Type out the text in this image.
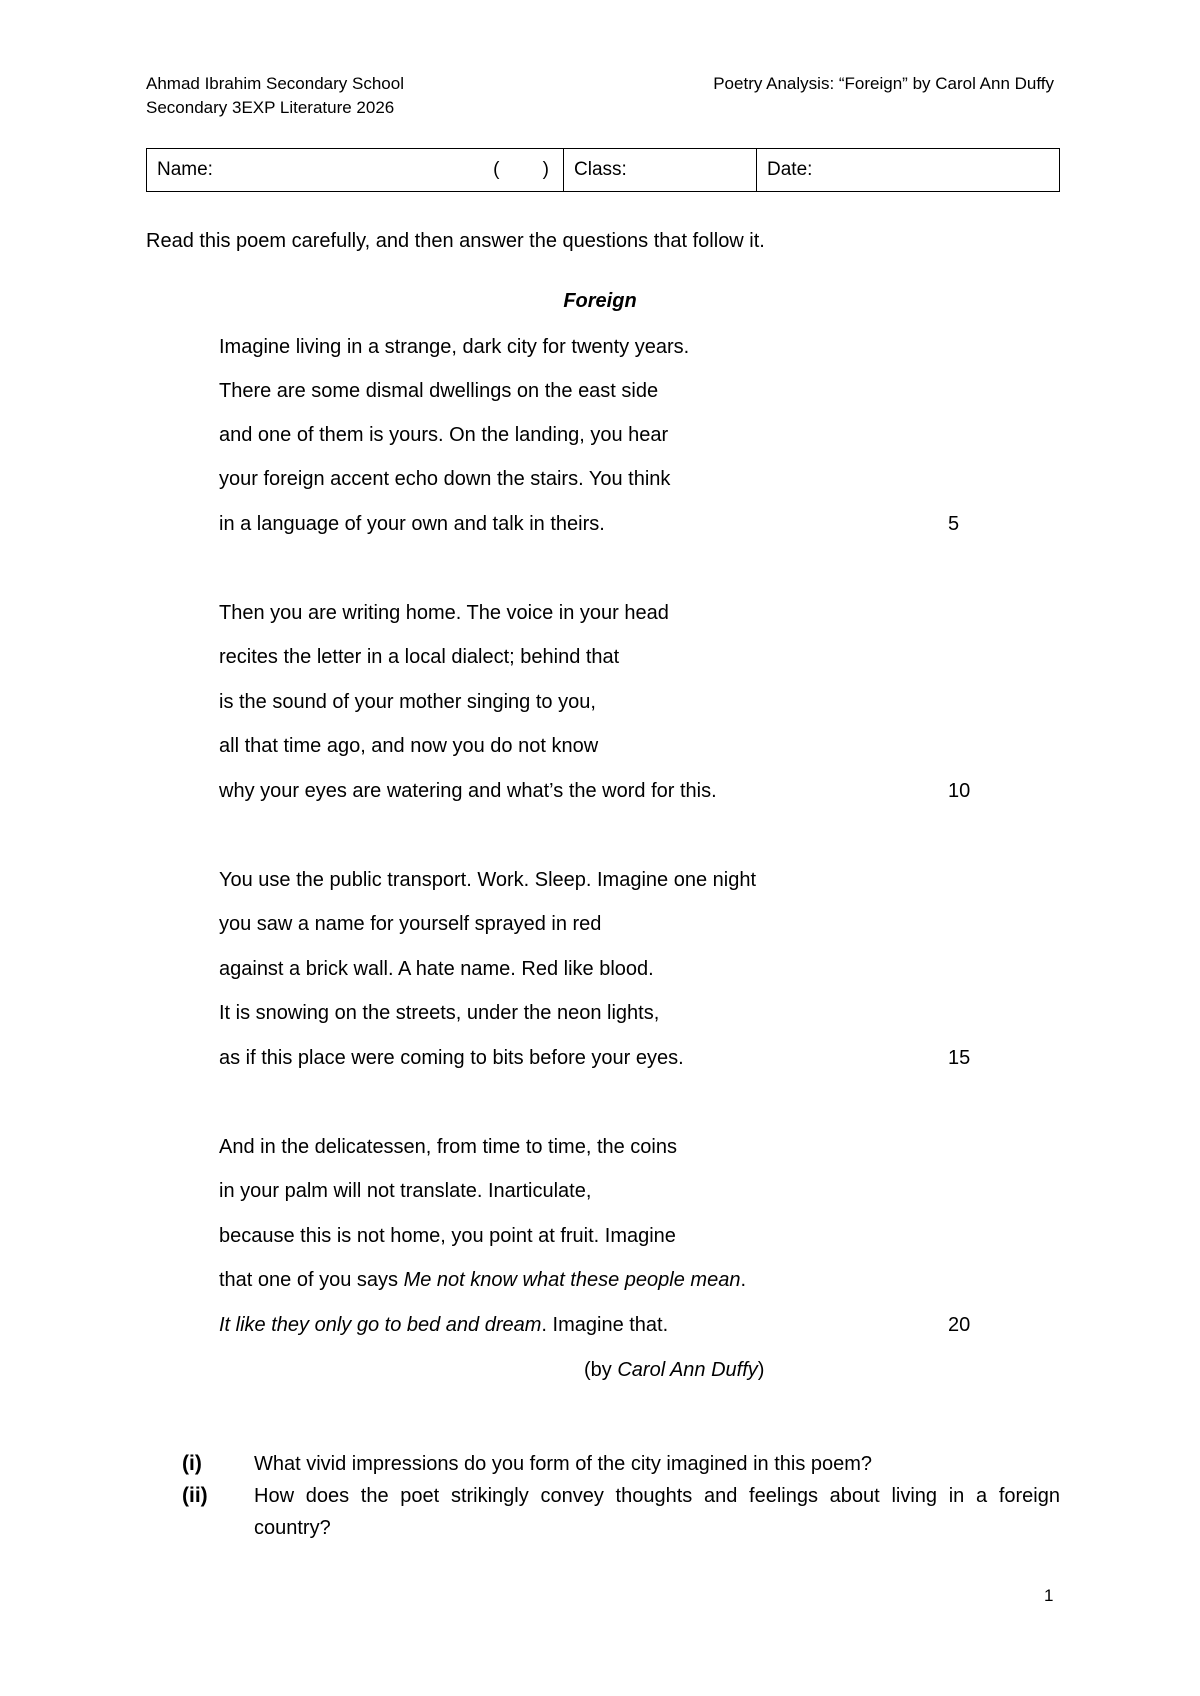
Ahmad Ibrahim Secondary School
Secondary 3EXP Literature 2026
Poetry Analysis: “Foreign” by Carol Ann Duffy
Name:	( )	Class:	Date:
Read this poem carefully, and then answer the questions that follow it.
Foreign
Imagine living in a strange, dark city for twenty years.
There are some dismal dwellings on the east side
and one of them is yours. On the landing, you hear
your foreign accent echo down the stairs. You think
in a language of your own and talk in theirs.	5
Then you are writing home. The voice in your head
recites the letter in a local dialect; behind that
is the sound of your mother singing to you,
all that time ago, and now you do not know
why your eyes are watering and what’s the word for this.	10
You use the public transport. Work. Sleep. Imagine one night
you saw a name for yourself sprayed in red
against a brick wall. A hate name. Red like blood.
It is snowing on the streets, under the neon lights,
as if this place were coming to bits before your eyes.	15
And in the delicatessen, from time to time, the coins
in your palm will not translate. Inarticulate,
because this is not home, you point at fruit. Imagine
that one of you says Me not know what these people mean.
It like they only go to bed and dream. Imagine that.	20
(by Carol Ann Duffy)
(i)	What vivid impressions do you form of the city imagined in this poem?
(ii) How does the poet strikingly convey thoughts and feelings about living in a foreign country?
1
